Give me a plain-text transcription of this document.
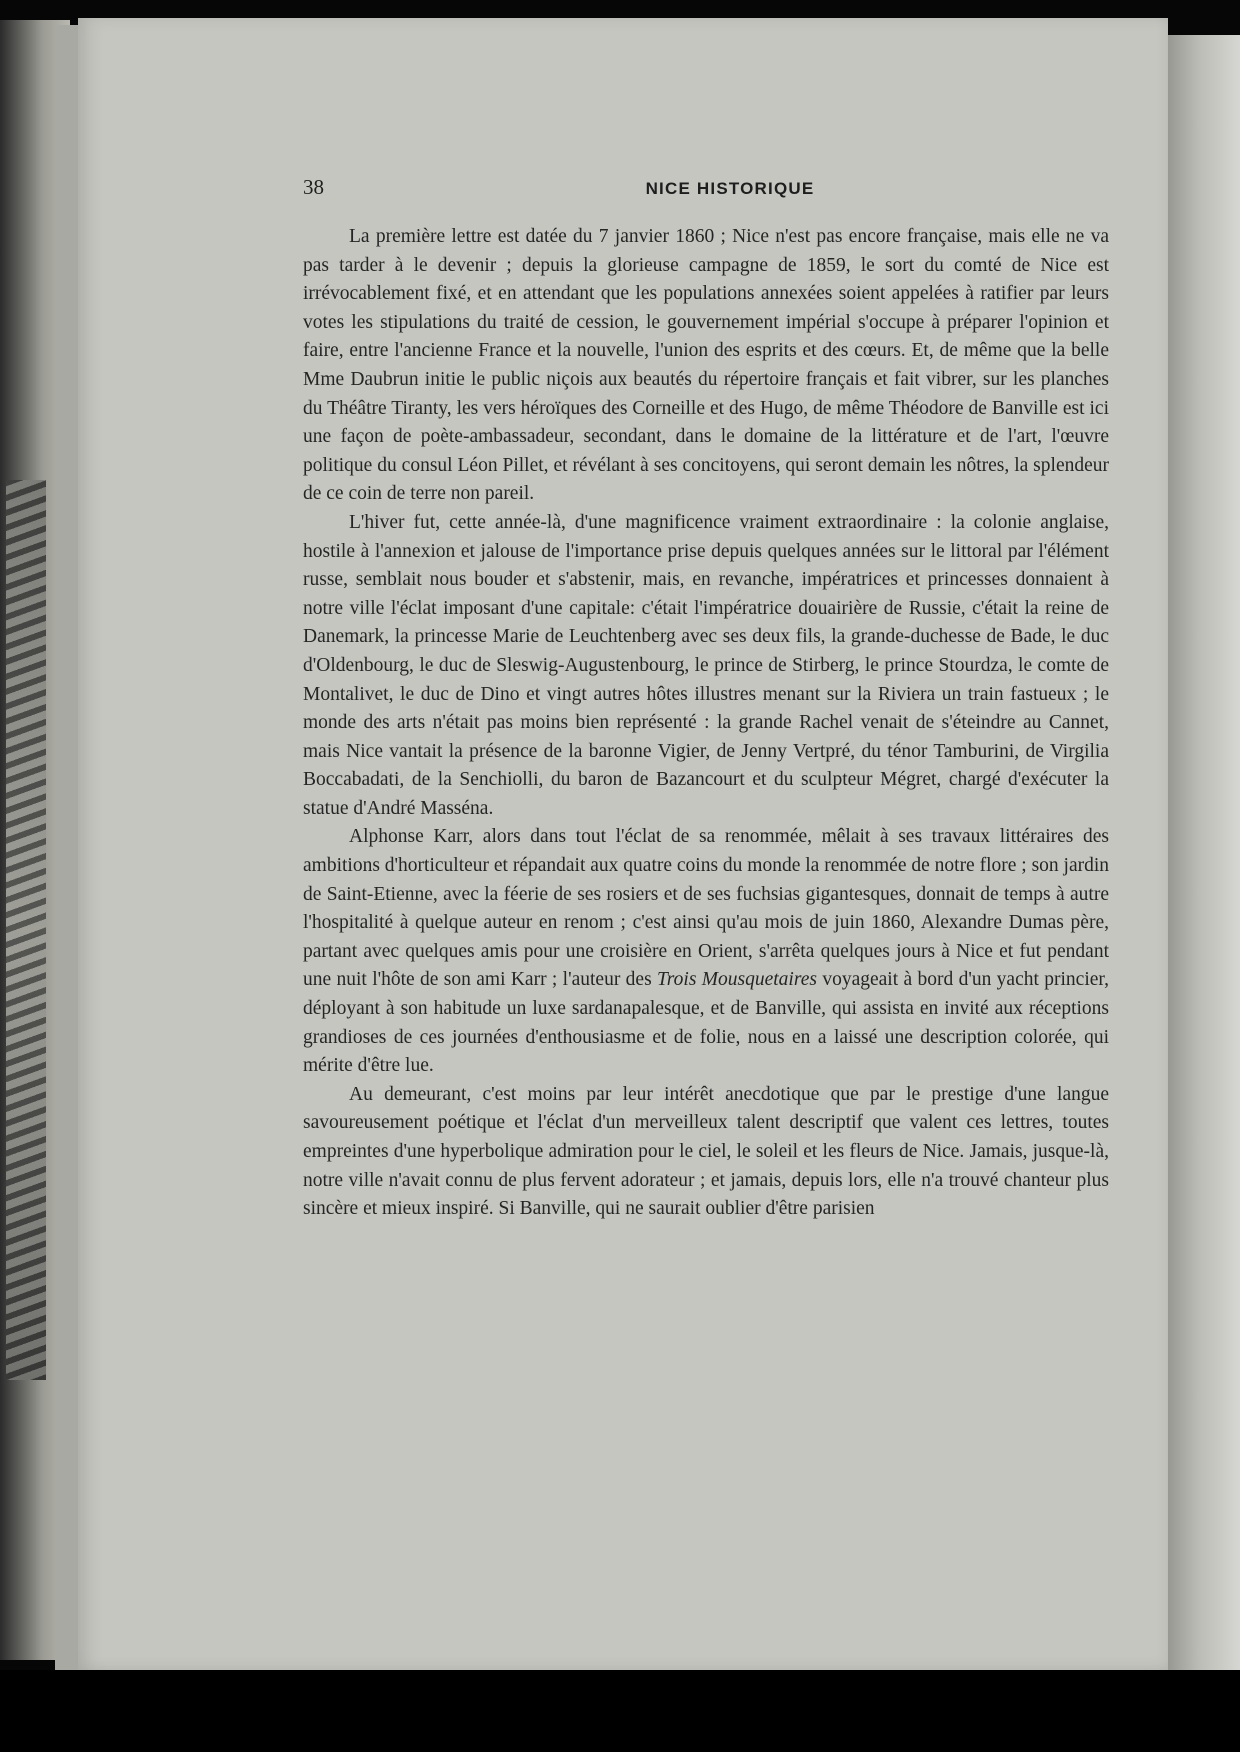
38	NICE HISTORIQUE

La première lettre est datée du 7 janvier 1860 ; Nice n'est pas encore française, mais elle ne va pas tarder à le devenir ; depuis la glorieuse campagne de 1859, le sort du comté de Nice est irrévocablement fixé, et en attendant que les populations annexées soient appelées à ratifier par leurs votes les stipulations du traité de cession, le gouvernement impérial s'occupe à préparer l'opinion et faire, entre l'ancienne France et la nouvelle, l'union des esprits et des cœurs. Et, de même que la belle Mme Daubrun initie le public niçois aux beautés du répertoire français et fait vibrer, sur les planches du Théâtre Tiranty, les vers héroïques des Corneille et des Hugo, de même Théodore de Banville est ici une façon de poète-ambassadeur, secondant, dans le domaine de la littérature et de l'art, l'œuvre politique du consul Léon Pillet, et révélant à ses concitoyens, qui seront demain les nôtres, la splendeur de ce coin de terre non pareil.

L'hiver fut, cette année-là, d'une magnificence vraiment extraordinaire : la colonie anglaise, hostile à l'annexion et jalouse de l'importance prise depuis quelques années sur le littoral par l'élément russe, semblait nous bouder et s'abstenir, mais, en revanche, impératrices et princesses donnaient à notre ville l'éclat imposant d'une capitale: c'était l'impératrice douairière de Russie, c'était la reine de Danemark, la princesse Marie de Leuchtenberg avec ses deux fils, la grande-duchesse de Bade, le duc d'Oldenbourg, le duc de Sleswig-Augustenbourg, le prince de Stirberg, le prince Stourdza, le comte de Montalivet, le duc de Dino et vingt autres hôtes illustres menant sur la Riviera un train fastueux ; le monde des arts n'était pas moins bien représenté : la grande Rachel venait de s'éteindre au Cannet, mais Nice vantait la présence de la baronne Vigier, de Jenny Vertpré, du ténor Tamburini, de Virgilia Boccabadati, de la Senchiolli, du baron de Bazancourt et du sculpteur Mégret, chargé d'exécuter la statue d'André Masséna.

Alphonse Karr, alors dans tout l'éclat de sa renommée, mêlait à ses travaux littéraires des ambitions d'horticulteur et répandait aux quatre coins du monde la renommée de notre flore ; son jardin de Saint-Etienne, avec la féerie de ses rosiers et de ses fuchsias gigantesques, donnait de temps à autre l'hospitalité à quelque auteur en renom ; c'est ainsi qu'au mois de juin 1860, Alexandre Dumas père, partant avec quelques amis pour une croisière en Orient, s'arrêta quelques jours à Nice et fut pendant une nuit l'hôte de son ami Karr ; l'auteur des Trois Mousquetaires voyageait à bord d'un yacht princier, déployant à son habitude un luxe sardanapalesque, et de Banville, qui assista en invité aux réceptions grandioses de ces journées d'enthousiasme et de folie, nous en a laissé une description colorée, qui mérite d'être lue.

Au demeurant, c'est moins par leur intérêt anecdotique que par le prestige d'une langue savoureusement poétique et l'éclat d'un merveilleux talent descriptif que valent ces lettres, toutes empreintes d'une hyperbolique admiration pour le ciel, le soleil et les fleurs de Nice. Jamais, jusque-là, notre ville n'avait connu de plus fervent adorateur ; et jamais, depuis lors, elle n'a trouvé chanteur plus sincère et mieux inspiré. Si Banville, qui ne saurait oublier d'être parisien
